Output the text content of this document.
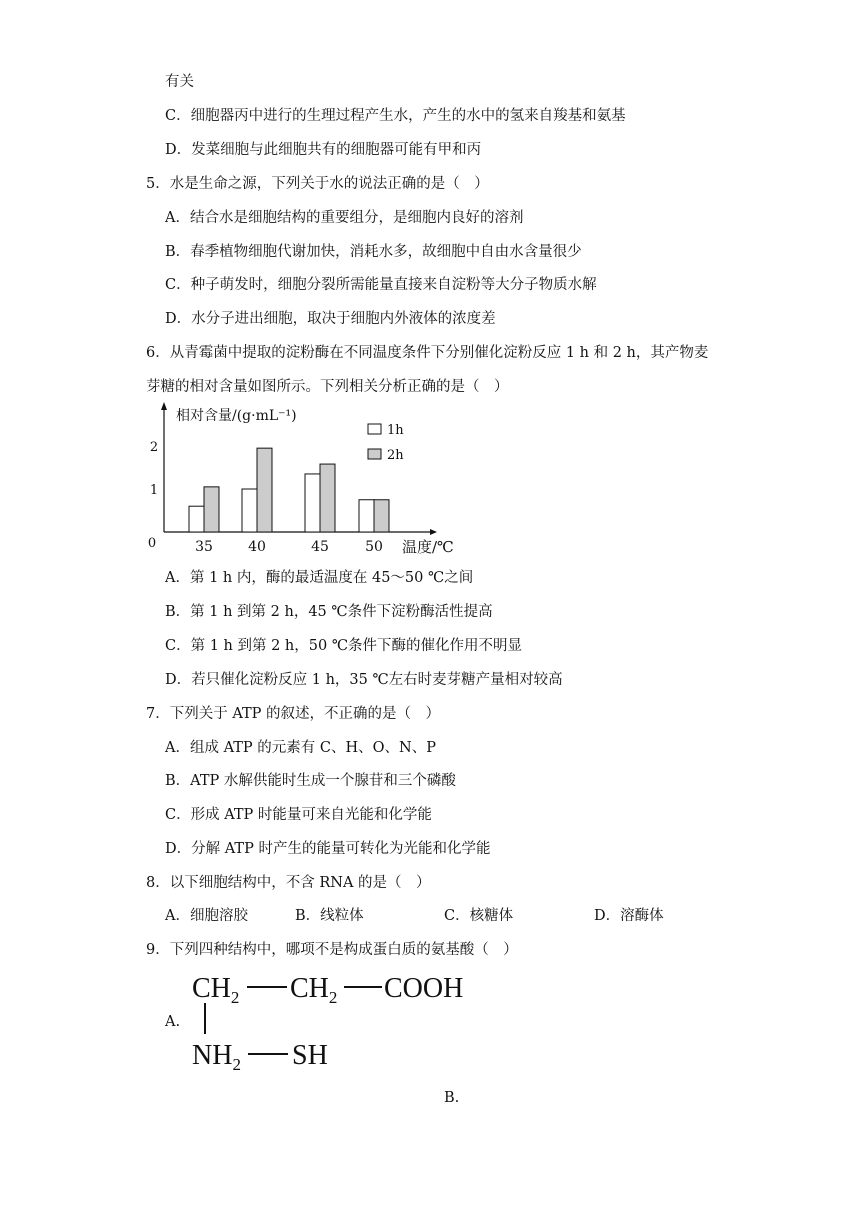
有关
C．细胞器丙中进行的生理过程产生水，产生的水中的氢来自羧基和氨基
D．发菜细胞与此细胞共有的细胞器可能有甲和丙
5．水是生命之源，下列关于水的说法正确的是（　）
A．结合水是细胞结构的重要组分，是细胞内良好的溶剂
B．春季植物细胞代谢加快，消耗水多，故细胞中自由水含量很少
C．种子萌发时，细胞分裂所需能量直接来自淀粉等大分子物质水解
D．水分子进出细胞，取决于细胞内外液体的浓度差
6．从青霉菌中提取的淀粉酶在不同温度条件下分别催化淀粉反应 1 h 和 2 h，其产物麦
芽糖的相对含量如图所示。下列相关分析正确的是（　）
相对含量/(g·mL⁻¹)
2
1
0	35	40	45	50 温度/℃
1h
2h
A．第 1 h 内，酶的最适温度在 45～50 ℃之间
B．第 1 h 到第 2 h，45 ℃条件下淀粉酶活性提高
C．第 1 h 到第 2 h，50 ℃条件下酶的催化作用不明显
D．若只催化淀粉反应 1 h，35 ℃左右时麦芽糖产量相对较高
7．下列关于 ATP 的叙述，不正确的是（　）
A．组成 ATP 的元素有 C、H、O、N、P
B．ATP 水解供能时生成一个腺苷和三个磷酸
C．形成 ATP 时能量可来自光能和化学能
D．分解 ATP 时产生的能量可转化为光能和化学能
8．以下细胞结构中，不含 RNA 的是（　）
A．细胞溶胶	B．线粒体	C．核糖体	D．溶酶体
9．下列四种结构中，哪项不是构成蛋白质的氨基酸（　）
A.
$CH_2$ $CH_2$ COOH
$NH_2$ SH
B.
